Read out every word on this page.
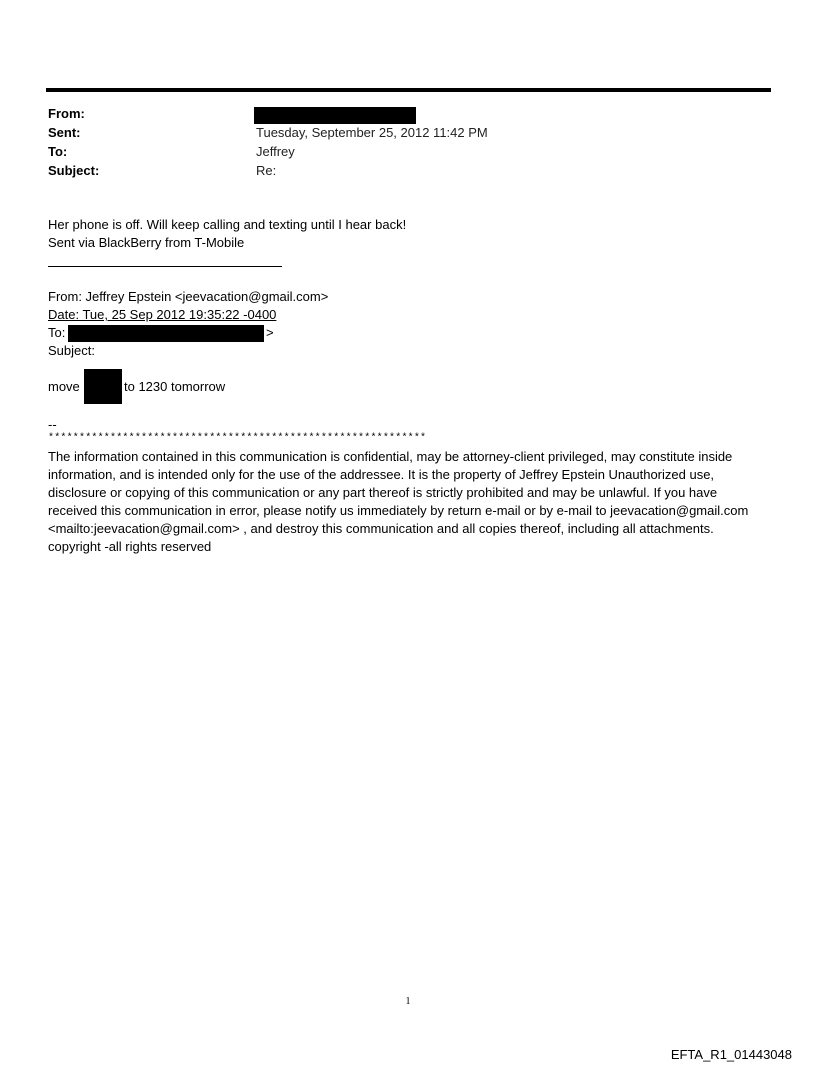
From:
Sent:	Tuesday, September 25, 2012 11:42 PM
To:	Jeffrey
Subject:	Re:
Her phone is off. Will keep calling and texting until I hear back!
Sent via BlackBerry from T-Mobile
From: Jeffrey Epstein <jeevacation@gmail.com>
Date: Tue, 25 Sep 2012 19:35:22 -0400
To:	>
Subject:
move	to 1230 tomorrow
--
*************************************************************
The information contained in this communication is confidential, may be attorney-client privileged, may constitute inside information, and is intended only for the use of the addressee. It is the property of Jeffrey Epstein Unauthorized use, disclosure or copying of this communication or any part thereof is strictly prohibited and may be unlawful. If you have received this communication in error, please notify us immediately by return e-mail or by e-mail to jeevacation@gmail.com <mailto:jeevacation@gmail.com> , and destroy this communication and all copies thereof, including all attachments. copyright -all rights reserved
1
EFTA_R1_01443048
